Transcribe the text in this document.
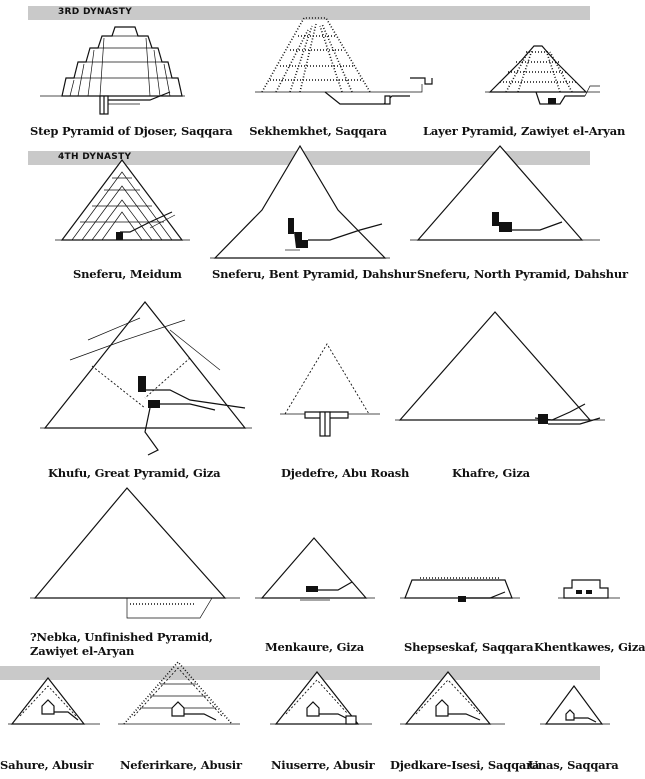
3RD DYNASTY
4TH DYNASTY
Step Pyramid of Djoser, Saqqara Sekhemkhet, Saqqara	Layer Pyramid, Zawiyet el-Aryan
Sneferu, Meidum	Sneferu, Bent Pyramid, Dahshur Sneferu, North Pyramid, Dahshur
Khufu, Great Pyramid, Giza	Djedefre, Abu Roash	Khafre, Giza
?Nebka, Unfinished Pyramid,
Zawiyet el-Aryan	Menkaure, Giza	Shepseskaf, Saqqara Khentkawes, Giza
Sahure, Abusir Neferirkare, Abusir	Niuserre, Abusir Djedkare-Isesi, Saqqara
Unas, Saqqara
